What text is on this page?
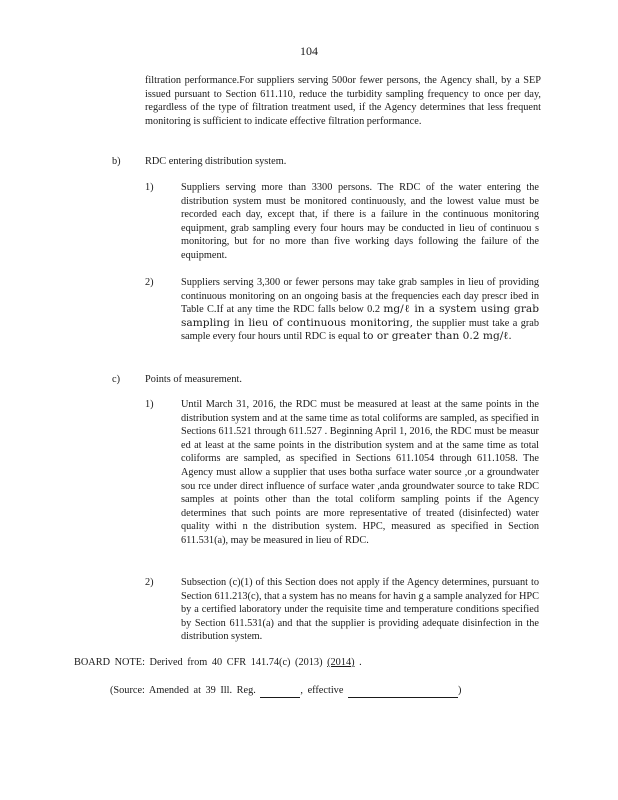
104
filtration performance.For suppliers serving 500or fewer persons, the Agency shall, by a SEP issued pursuant to Section 611.110, reduce the turbidity sampling frequency to once per day, regardless of the type of filtration treatment used, if the Agency determines that less frequent monitoring is sufficient to indicate effective filtration performance.
b) RDC entering distribution system.
1)	Suppliers serving more than 3300 persons. The RDC of the water entering the distribution system must be monitored continuously, and the lowest value must be recorded each day, except that, if there is a failure in the continuous monitoring equipment, grab sampling every four hours may be conducted in lieu of continuou s monitoring, but for no more than five working days following the failure of the equipment.
2)	Suppliers serving 3,300 or fewer persons may take grab samples in lieu of providing continuous monitoring on an ongoing basis at the frequencies each day prescr ibed in Table C.If at any time the RDC falls below 0.2 mg/ℓ in a system using grab sampling in lieu of continuous monitoring, the supplier must take a grab sample every four hours until RDC is equal to or greater than 0.2 mg/ℓ.
c) Points of measurement.
1)	Until March 31, 2016, the RDC must be measured at least at the same points in the distribution system and at the same time as total coliforms are sampled, as specified in Sections 611.521 through 611.527 . Beginning April 1, 2016, the RDC must be measur ed at least at the same points in the distribution system and at the same time as total coliforms are sampled, as specified in Sections 611.1054 through 611.1058. The Agency must allow a supplier that uses botha surface water source ,or a groundwater sou rce under direct influence of surface water ,anda groundwater source to take RDC samples at points other than the total coliform sampling points if the Agency determines that such points are more representative of treated (disinfected) water quality withi n the distribution system. HPC, measured as specified in Section 611.531(a), may be measured in lieu of RDC.
2)	Subsection (c)(1) of this Section does not apply if the Agency determines, pursuant to Section 611.213(c), that a system has no means for havin g a sample analyzed for HPC by a certified laboratory under the requisite time and temperature conditions specified by Section 611.531(a) and that the supplier is providing adequate disinfection in the distribution system.
BOARD NOTE: Derived from 40 CFR 141.74(c) (2013) (2014) .
(Source: Amended at 39 Ill. Reg.	, effective	)
